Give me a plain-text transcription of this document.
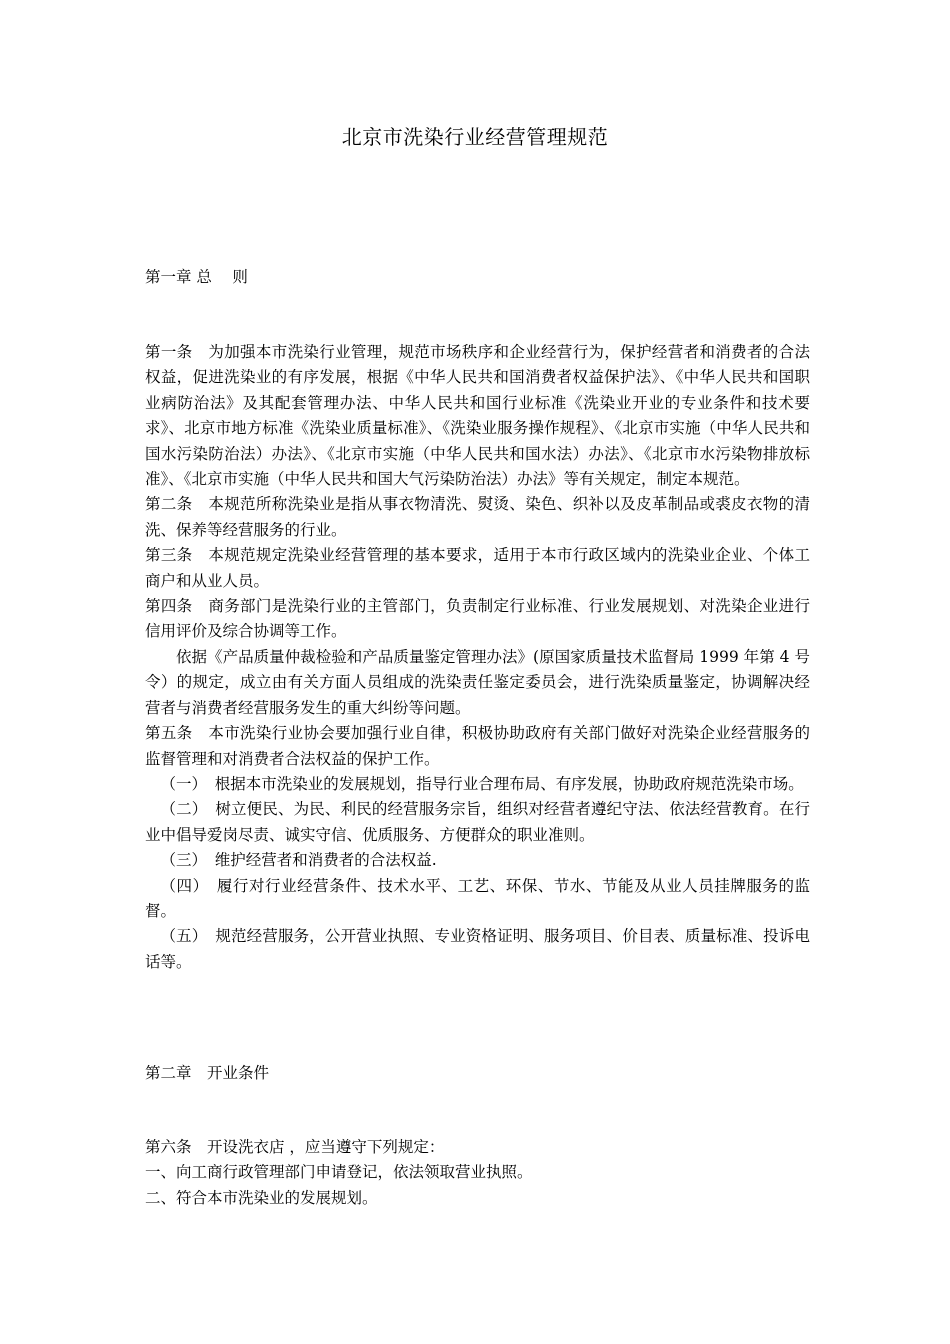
北京市洗染行业经营管理规范
第一章 总　 则

第一条　为加强本市洗染行业管理，规范市场秩序和企业经营行为，保护经营者和消费者的合法权益，促进洗染业的有序发展，根据《中华人民共和国消费者权益保护法》、《中华人民共和国职业病防治法》及其配套管理办法、中华人民共和国行业标准《洗染业开业的专业条件和技术要求》、北京市地方标准《洗染业质量标准》、《洗染业服务操作规程》、《北京市实施（中华人民共和国水污染防治法）办法》、《北京市实施（中华人民共和国水法）办法》、《北京市水污染物排放标准》、《北京市实施（中华人民共和国大气污染防治法）办法》等有关规定，制定本规范。

第二条　本规范所称洗染业是指从事衣物清洗、熨烫、染色、织补以及皮革制品或裘皮衣物的清洗、保养等经营服务的行业。

第三条　本规范规定洗染业经营管理的基本要求，适用于本市行政区域内的洗染业企业、个体工商户和从业人员。

第四条　商务部门是洗染行业的主管部门，负责制定行业标准、行业发展规划、对洗染企业进行信用评价及综合协调等工作。

依据《产品质量仲裁检验和产品质量鉴定管理办法》(原国家质量技术监督局 1999 年第 4 号令）的规定，成立由有关方面人员组成的洗染责任鉴定委员会，进行洗染质量鉴定，协调解决经营者与消费者经营服务发生的重大纠纷等问题。

第五条　本市洗染行业协会要加强行业自律，积极协助政府有关部门做好对洗染企业经营服务的监督管理和对消费者合法权益的保护工作。

（一）　根据本市洗染业的发展规划，指导行业合理布局、有序发展，协助政府规范洗染市场。

（二）　树立便民、为民、利民的经营服务宗旨，组织对经营者遵纪守法、依法经营教育。在行业中倡导爱岗尽责、诚实守信、优质服务、方便群众的职业准则。

（三）　维护经营者和消费者的合法权益.

（四）　履行对行业经营条件、技术水平、工艺、环保、节水、节能及从业人员挂牌服务的监督。

（五）　规范经营服务，公开营业执照、专业资格证明、服务项目、价目表、质量标准、投诉电话等。

第二章　开业条件

第六条　开设洗衣店 ，应当遵守下列规定：

一、向工商行政管理部门申请登记，依法领取营业执照。

二、符合本市洗染业的发展规划。
